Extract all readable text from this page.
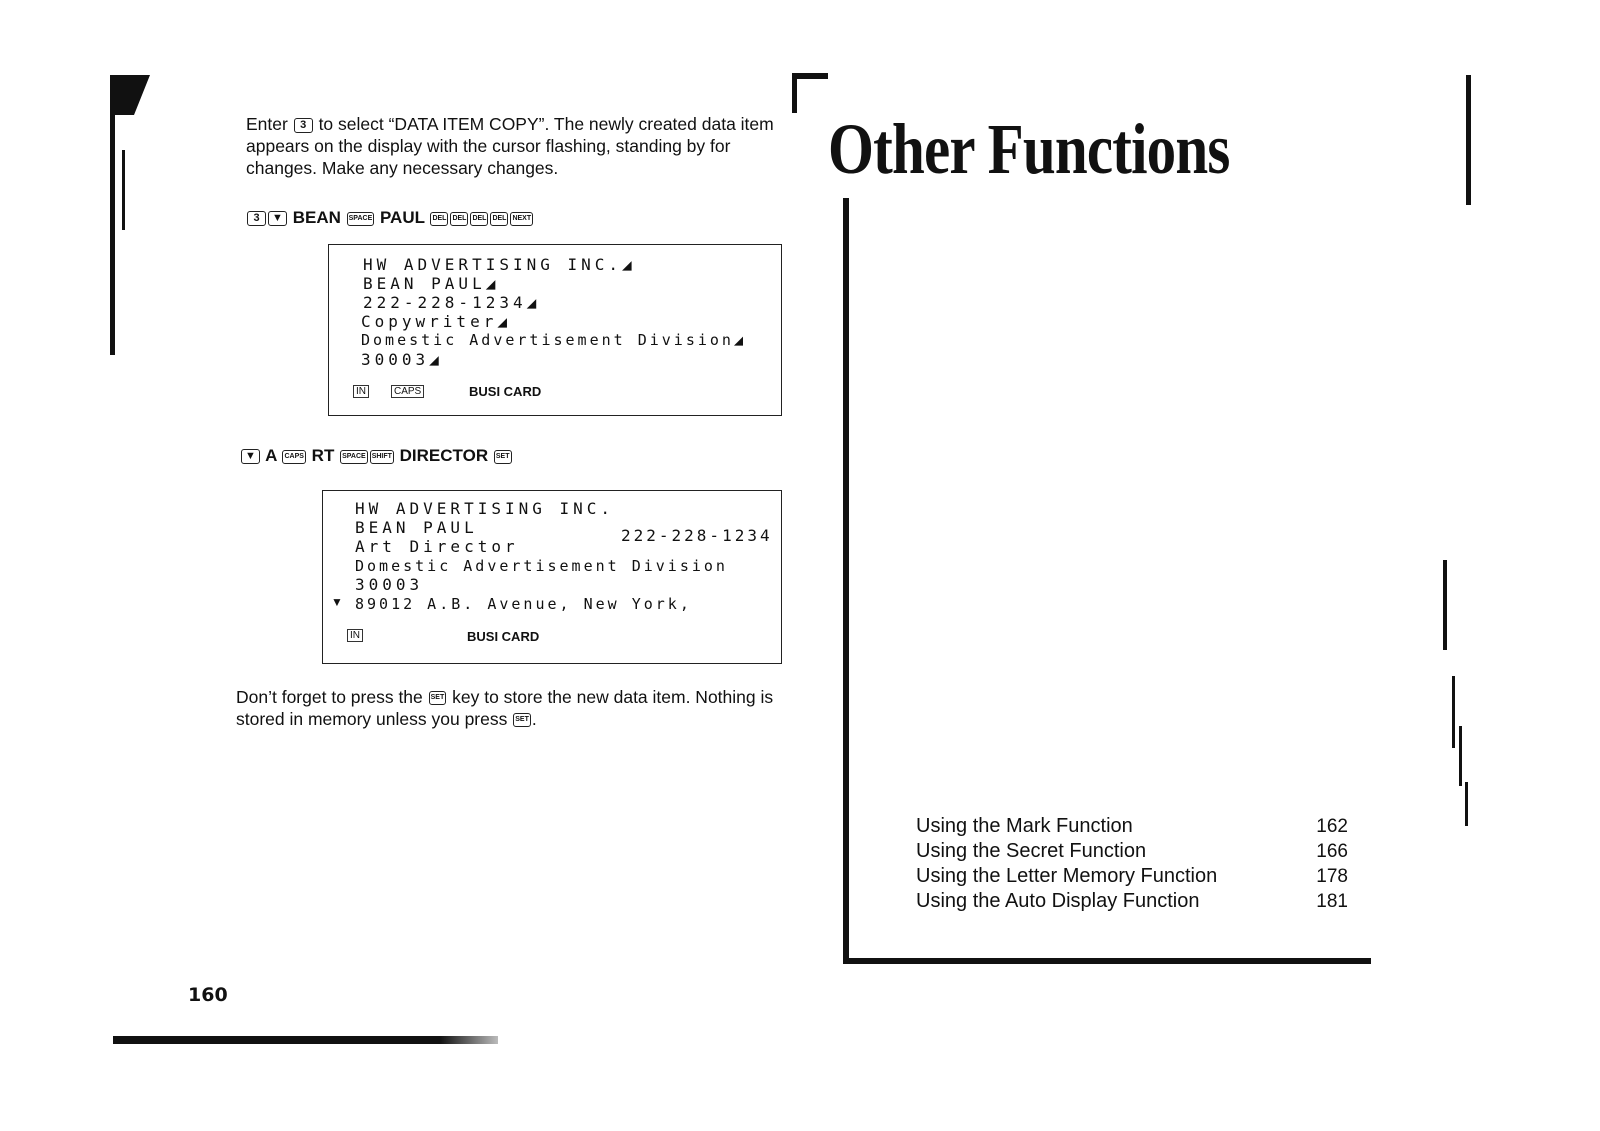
Enter 3 to select “DATA ITEM COPY”. The newly created data item appears on the display with the cursor flashing, standing by for changes. Make any necessary changes.
3 ▼ BEAN SPACE PAUL DEL DEL DEL DEL NEXT
HW ADVERTISING INC.◢
BEAN PAUL◢
222-228-1234◢
Copywriter◢
Domestic Advertisement Division◢
30003◢
IN	CAPS	BUSI CARD
▼ A CAPS RT SPACE SHIFT DIRECTOR SET
HW ADVERTISING INC.
BEAN PAUL	222-228-1234
Art Director
Domestic Advertisement Division
30003
▼ 89012 A.B. Avenue, New York,
IN	BUSI CARD
Don’t forget to press the SET key to store the new data item. Nothing is stored in memory unless you press SET .
160
Other Functions
Using the Mark Function	162
Using the Secret Function	166
Using the Letter Memory Function	178
Using the Auto Display Function	181
